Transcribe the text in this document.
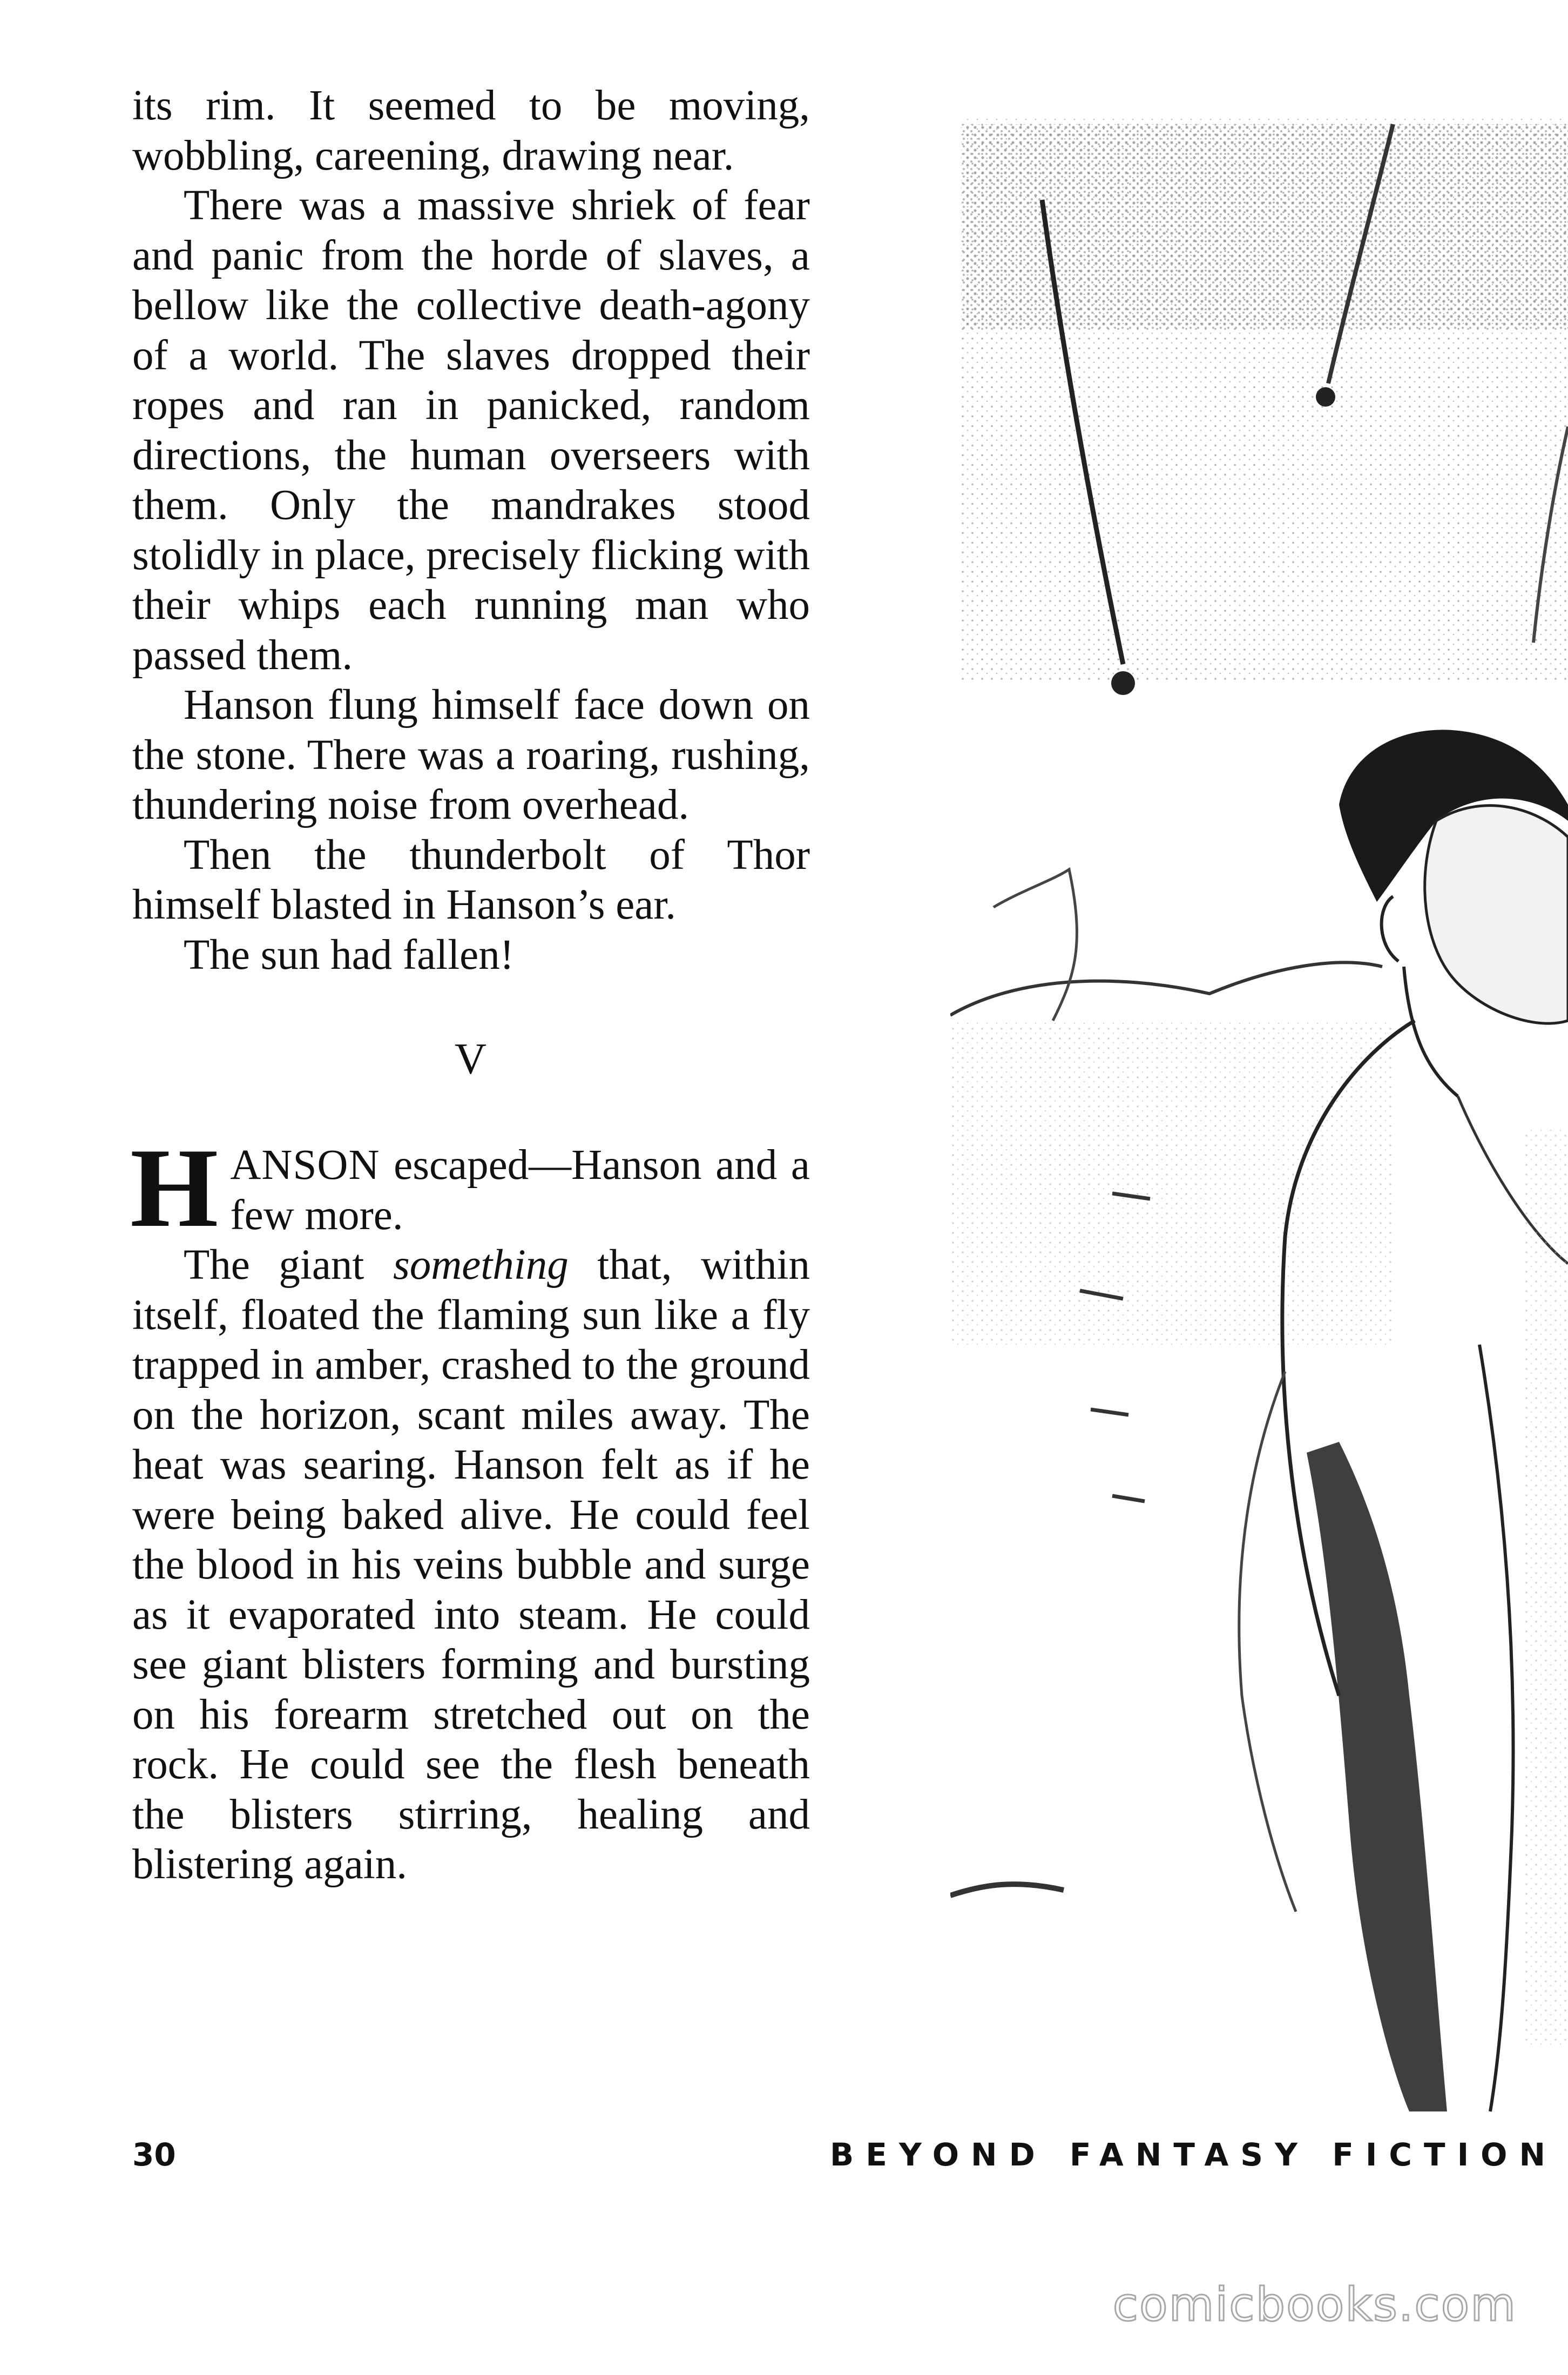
its rim. It seemed to be moving, wobbling, careening, drawing near.

There was a massive shriek of fear and panic from the horde of slaves, a bellow like the collective death-agony of a world. The slaves dropped their ropes and ran in panicked, random directions, the human overseers with them. Only the mandrakes stood stolidly in place, precisely flicking with their whips each running man who passed them.

Hanson flung himself face down on the stone. There was a roaring, rushing, thundering noise from overhead.

Then the thunderbolt of Thor himself blasted in Hanson’s ear.

The sun had fallen!

V

HANSON escaped—Hanson and a few more.

The giant something that, within itself, floated the flaming sun like a fly trapped in amber, crashed to the ground on the horizon, scant miles away. The heat was searing. Hanson felt as if he were being baked alive. He could feel the blood in his veins bubble and surge as it evaporated into steam. He could see giant blisters forming and bursting on his forearm stretched out on the rock. He could see the flesh beneath the blisters stirring, healing and blistering again.

30	BEYOND FANTASY FICTION
comicbooks.com
